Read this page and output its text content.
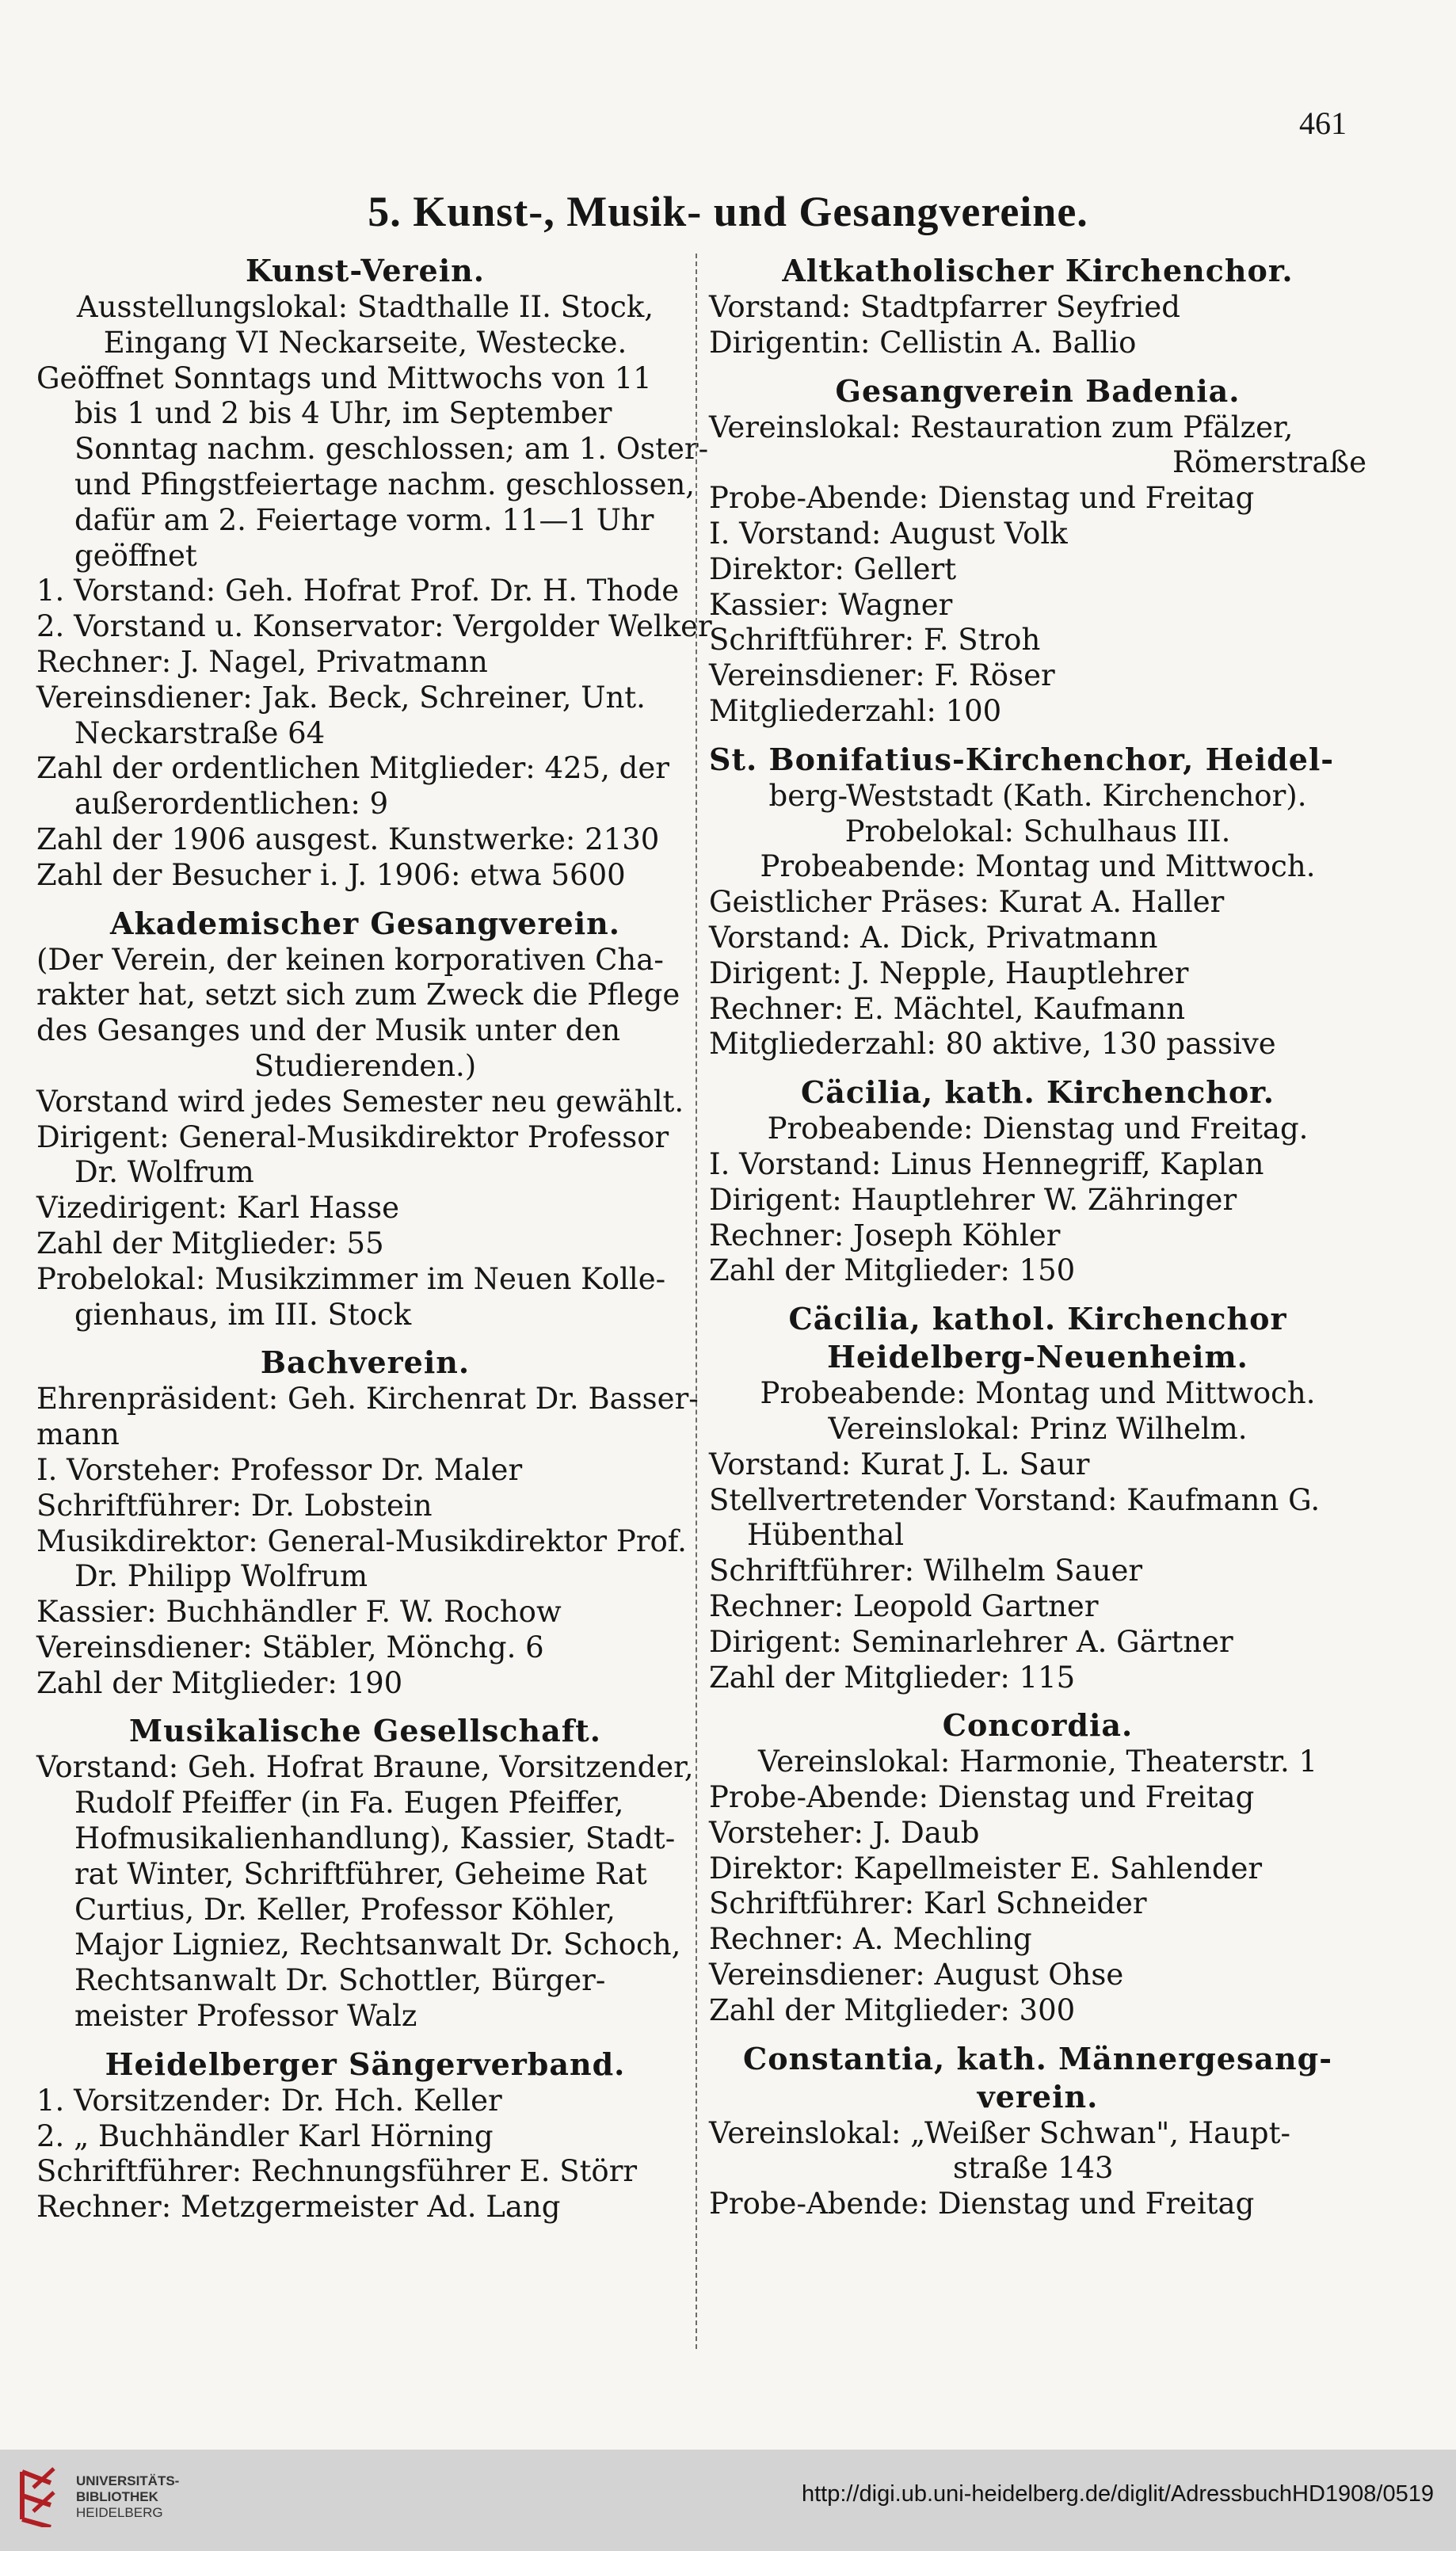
461
5. Kunst-, Musik- und Gesangvereine.
Kunst-Verein.
Ausstellungslokal: Stadthalle II. Stock,
Eingang VI Neckarseite, Westecke.
Geöffnet Sonntags und Mittwochs von 11
bis 1 und 2 bis 4 Uhr, im September
Sonntag nachm. geschlossen; am 1. Oster-
und Pfingstfeiertage nachm. geschlossen,
dafür am 2. Feiertage vorm. 11—1 Uhr
geöffnet
1. Vorstand: Geh. Hofrat Prof. Dr. H. Thode
2. Vorstand u. Konservator: Vergolder Welker
Rechner: J. Nagel, Privatmann
Vereinsdiener: Jak. Beck, Schreiner, Unt.
Neckarstraße 64
Zahl der ordentlichen Mitglieder: 425, der
außerordentlichen: 9
Zahl der 1906 ausgest. Kunstwerke: 2130
Zahl der Besucher i. J. 1906: etwa 5600
Akademischer Gesangverein.
(Der Verein, der keinen korporativen Cha-
rakter hat, setzt sich zum Zweck die Pflege
des Gesanges und der Musik unter den
Studierenden.)
Vorstand wird jedes Semester neu gewählt.
Dirigent: General-Musikdirektor Professor
Dr. Wolfrum
Vizedirigent: Karl Hasse
Zahl der Mitglieder: 55
Probelokal: Musikzimmer im Neuen Kolle-
gienhaus, im III. Stock
Bachverein.
Ehrenpräsident: Geh. Kirchenrat Dr. Basser-
mann
I. Vorsteher: Professor Dr. Maler
Schriftführer: Dr. Lobstein
Musikdirektor: General-Musikdirektor Prof.
Dr. Philipp Wolfrum
Kassier: Buchhändler F. W. Rochow
Vereinsdiener: Stäbler, Mönchg. 6
Zahl der Mitglieder: 190
Musikalische Gesellschaft.
Vorstand: Geh. Hofrat Braune, Vorsitzender,
Rudolf Pfeiffer (in Fa. Eugen Pfeiffer,
Hofmusikalienhandlung), Kassier, Stadt-
rat Winter, Schriftführer, Geheime Rat
Curtius, Dr. Keller, Professor Köhler,
Major Ligniez, Rechtsanwalt Dr. Schoch,
Rechtsanwalt Dr. Schottler, Bürger-
meister Professor Walz
Heidelberger Sängerverband.
1. Vorsitzender: Dr. Hch. Keller
2. „ Buchhändler Karl Hörning
Schriftführer: Rechnungsführer E. Störr
Rechner: Metzgermeister Ad. Lang
Altkatholischer Kirchenchor.
Vorstand: Stadtpfarrer Seyfried
Dirigentin: Cellistin A. Ballio
Gesangverein Badenia.
Vereinslokal: Restauration zum Pfälzer,
Römerstraße
Probe-Abende: Dienstag und Freitag
I. Vorstand: August Volk
Direktor: Gellert
Kassier: Wagner
Schriftführer: F. Stroh
Vereinsdiener: F. Röser
Mitgliederzahl: 100
St. Bonifatius-Kirchenchor, Heidel-
berg-Weststadt (Kath. Kirchenchor).
Probelokal: Schulhaus III.
Probeabende: Montag und Mittwoch.
Geistlicher Präses: Kurat A. Haller
Vorstand: A. Dick, Privatmann
Dirigent: J. Nepple, Hauptlehrer
Rechner: E. Mächtel, Kaufmann
Mitgliederzahl: 80 aktive, 130 passive
Cäcilia, kath. Kirchenchor.
Probeabende: Dienstag und Freitag.
I. Vorstand: Linus Hennegriff, Kaplan
Dirigent: Hauptlehrer W. Zähringer
Rechner: Joseph Köhler
Zahl der Mitglieder: 150
Cäcilia, kathol. Kirchenchor
Heidelberg-Neuenheim.
Probeabende: Montag und Mittwoch.
Vereinslokal: Prinz Wilhelm.
Vorstand: Kurat J. L. Saur
Stellvertretender Vorstand: Kaufmann G.
Hübenthal
Schriftführer: Wilhelm Sauer
Rechner: Leopold Gartner
Dirigent: Seminarlehrer A. Gärtner
Zahl der Mitglieder: 115
Concordia.
Vereinslokal: Harmonie, Theaterstr. 1
Probe-Abende: Dienstag und Freitag
Vorsteher: J. Daub
Direktor: Kapellmeister E. Sahlender
Schriftführer: Karl Schneider
Rechner: A. Mechling
Vereinsdiener: August Ohse
Zahl der Mitglieder: 300
Constantia, kath. Männergesang-
verein.
Vereinslokal: „Weißer Schwan", Haupt-
straße 143
Probe-Abende: Dienstag und Freitag
UNIVERSITÄTS-
BIBLIOTHEK
HEIDELBERG
http://digi.ub.uni-heidelberg.de/diglit/AdressbuchHD1908/0519
